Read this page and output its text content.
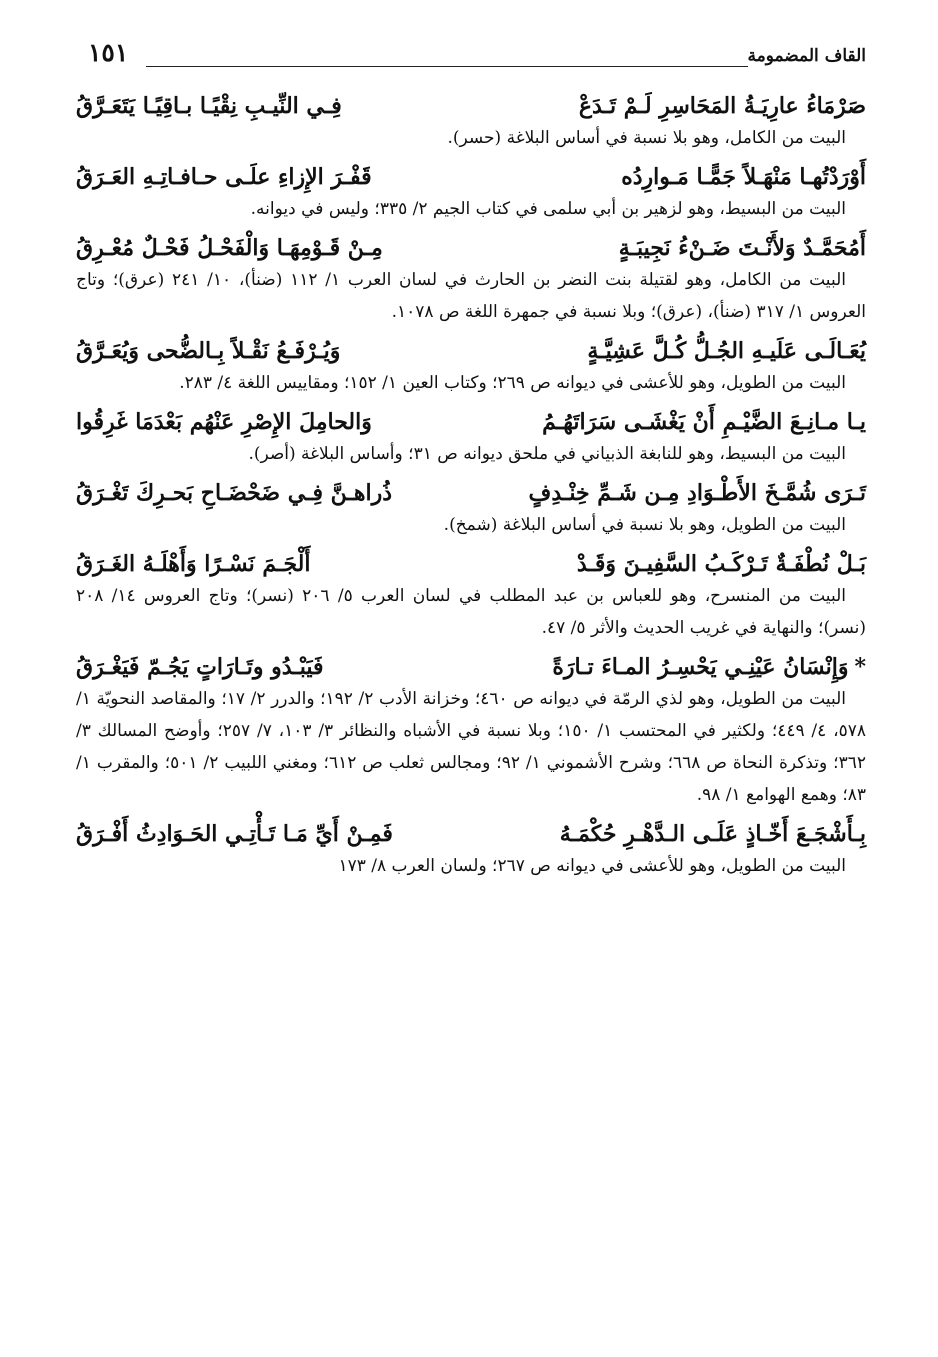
١٥١	القاف المضمومة
صَرْمَاءُ عارِيَـةُ المَحَاسِرِ لَـمْ تَـدَعْ
فِـي النِّيـبِ نِقْيًـا بـاقِيًـا يَتَعَـرَّقُ

البيت من الكامل، وهو بلا نسبة في أساس البلاغة (حسر).

أَوْرَدْتُهـا مَنْهَـلاً جَمًّـا مَـوارِدُه
قَفْـرَ الإِزاءِ علَـى حـافـاتِـهِ العَـرَقُ

البيت من البسيط، وهو لزهير بن أبي سلمى في كتاب الجيم ٢/ ٣٣٥؛ وليس في ديوانه.

أَمُحَمَّـدٌ وَلأَنْـتَ ضَـنْءُ نَجِيبَـةٍ
مِـنْ قَـوْمِهَـا وَالْفَحْـلُ فَحْـلٌ مُعْـرِقُ

البيت من الكامل، وهو لقتيلة بنت النضر بن الحارث في لسان العرب ١/ ١١٢ (ضنأ)، ١٠/ ٢٤١ (عرق)؛ وتاج العروس ١/ ٣١٧ (ضنأ)، (عرق)؛ وبلا نسبة في جمهرة اللغة ص ١٠٧٨.

يُعَـالَـى عَلَيـهِ الجُـلُّ كُـلَّ عَشِيَّـةٍ
وَيُـرْفَـعُ نَقْـلاً بِـالضُّحى وَيُعَـرَّقُ

البيت من الطويل، وهو للأعشى في ديوانه ص ٢٦٩؛ وكتاب العين ١/ ١٥٢؛ ومقاييس اللغة ٤/ ٢٨٣.

يـا مـانِـعَ الضَّيْـمِ أَنْ يَغْشَـى سَرَاتَهُـمُ
وَالحامِلَ الإِصْرِ عَنْهُم بَعْدَمَا غَرِقُوا

البيت من البسيط، وهو للنابغة الذبياني في ملحق ديوانه ص ٣١؛ وأساس البلاغة (أصر).

تَـرَى شُمَّـخَ الأَطْـوَادِ مِـن شَـمِّ خِنْـدِفٍ
ذُراهـنَّ فِـي ضَحْضَـاحِ بَحـرِكَ تَغْـرَقُ

البيت من الطويل، وهو بلا نسبة في أساس البلاغة (شمخ).

بَـلْ نُطْفَـةٌ تَـرْكَـبُ السَّفِيـنَ وَقَـدْ
أَلْجَـمَ نَسْـرًا وَأَهْلَـهُ الغَـرَقُ

البيت من المنسرح، وهو للعباس بن عبد المطلب في لسان العرب ٥/ ٢٠٦ (نسر)؛ وتاج العروس ١٤/ ٢٠٨ (نسر)؛ والنهاية في غريب الحديث والأثر ٥/ ٤٧.

*وَإِنْسَانُ عَيْنِـي يَحْسِـرُ المـاءَ تـارَةً
فَيَبْـدُو وتَـارَاتٍ يَجُـمّ فَيَغْـرَقُ

البيت من الطويل، وهو لذي الرمّة في ديوانه ص ٤٦٠؛ وخزانة الأدب ٢/ ١٩٢؛ والدرر ٢/ ١٧؛ والمقاصد النحويّة ١/ ٥٧٨، ٤/ ٤٤٩؛ ولكثير في المحتسب ١/ ١٥٠؛ وبلا نسبة في الأشباه والنظائر ٣/ ١٠٣، ٧/ ٢٥٧؛ وأوضح المسالك ٣/ ٣٦٢؛ وتذكرة النحاة ص ٦٦٨؛ وشرح الأشموني ١/ ٩٢؛ ومجالس ثعلب ص ٦١٢؛ ومغني اللبيب ٢/ ٥٠١؛ والمقرب ١/ ٨٣؛ وهمع الهوامع ١/ ٩٨.

بِـأَشْجَـعَ أَخّـاذٍ عَلَـى الـدَّهْـرِ حُكْمَـهُ
فَمِـنْ أَيِّ مَـا تَـأْتِـي الحَـوَادِثُ أَفْـرَقُ

البيت من الطويل، وهو للأعشى في ديوانه ص ٢٦٧؛ ولسان العرب ٨/ ١٧٣
